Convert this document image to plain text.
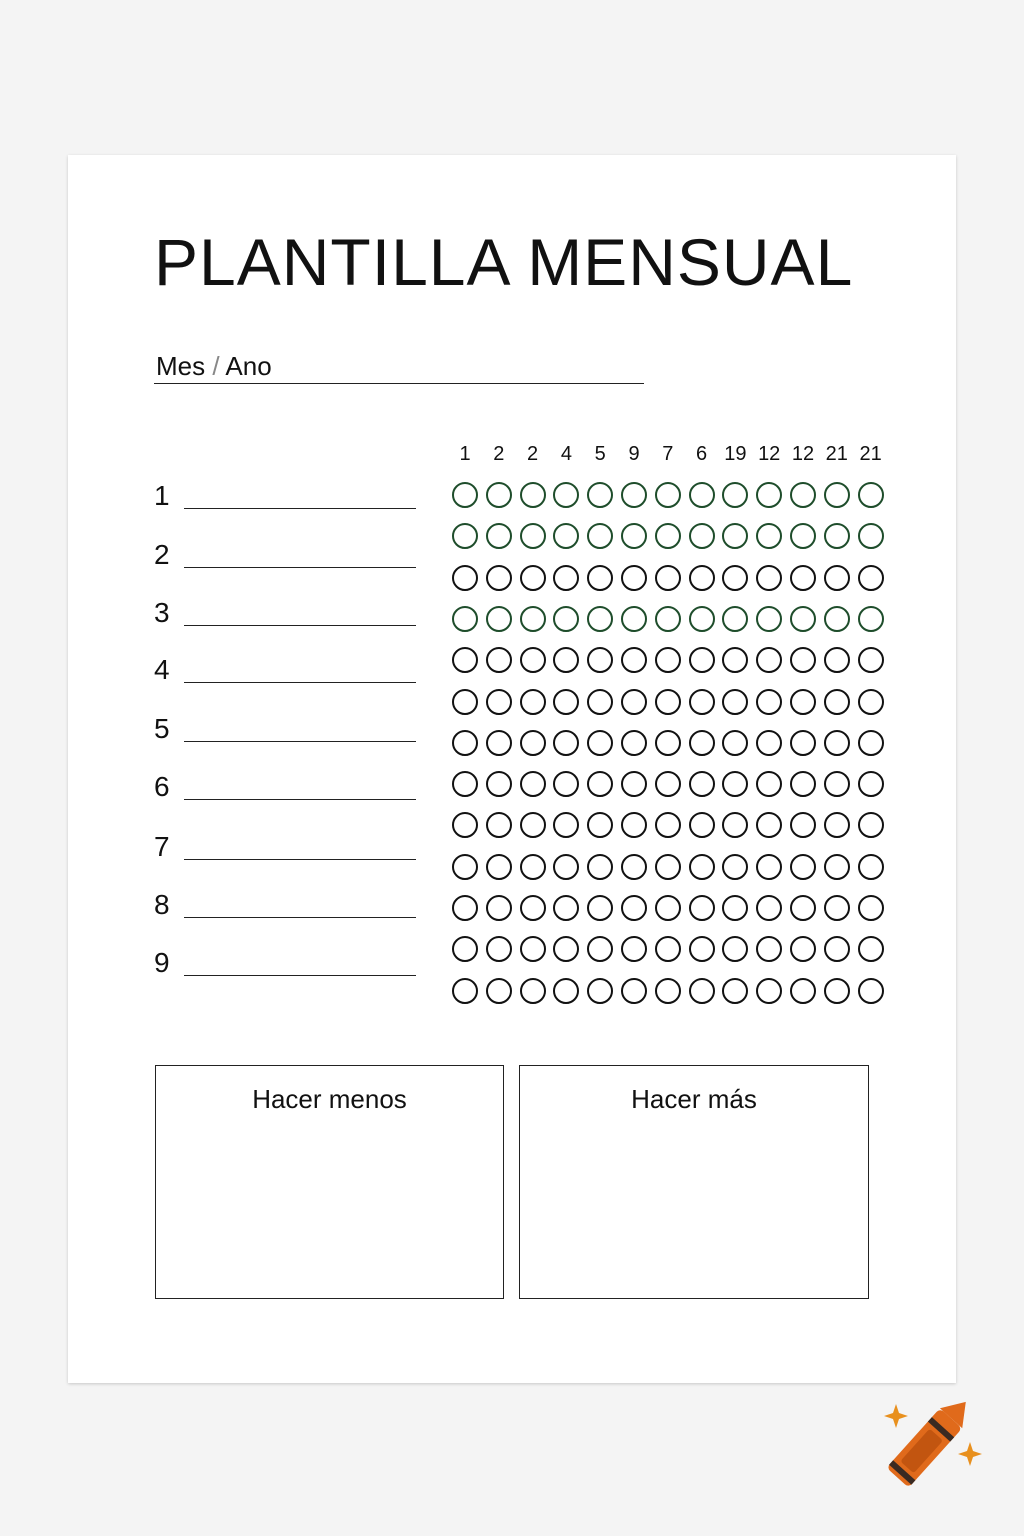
PLANTILLA MENSUAL
Mes / Ano
1
2
3
4
5
6
7
8
9
1	2	2	4	5	9	7	6 19 12 12 21 21
Hacer menos	Hacer más
